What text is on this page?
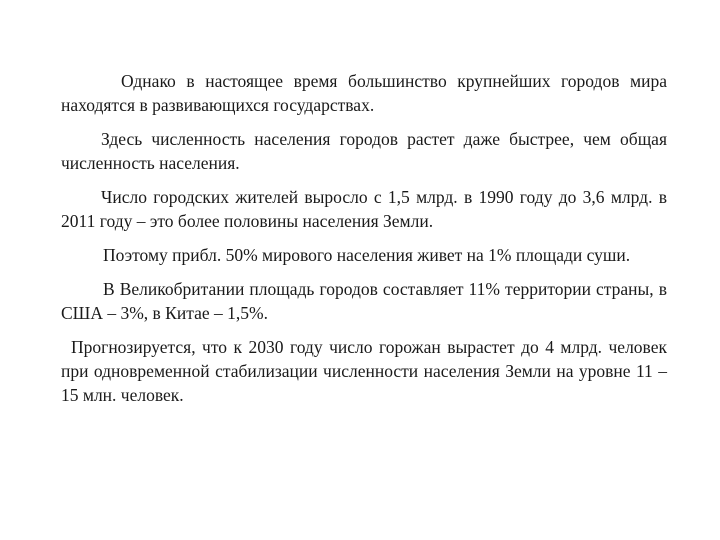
Однако в настоящее время большинство крупнейших городов мира находятся в развивающихся государствах.

Здесь численность населения городов растет даже быстрее, чем общая численность населения.

Число городских жителей выросло с 1,5 млрд. в 1990 году до 3,6 млрд. в 2011 году – это более половины населения Земли.

Поэтому прибл. 50% мирового населения живет на 1% площади суши.

В Великобритании площадь городов составляет 11% территории страны, в США – 3%, в Китае – 1,5%.

Прогнозируется, что к 2030 году число горожан вырастет до 4 млрд. человек при одновременной стабилизации численности населения Земли на уровне 11 – 15 млн. человек.
